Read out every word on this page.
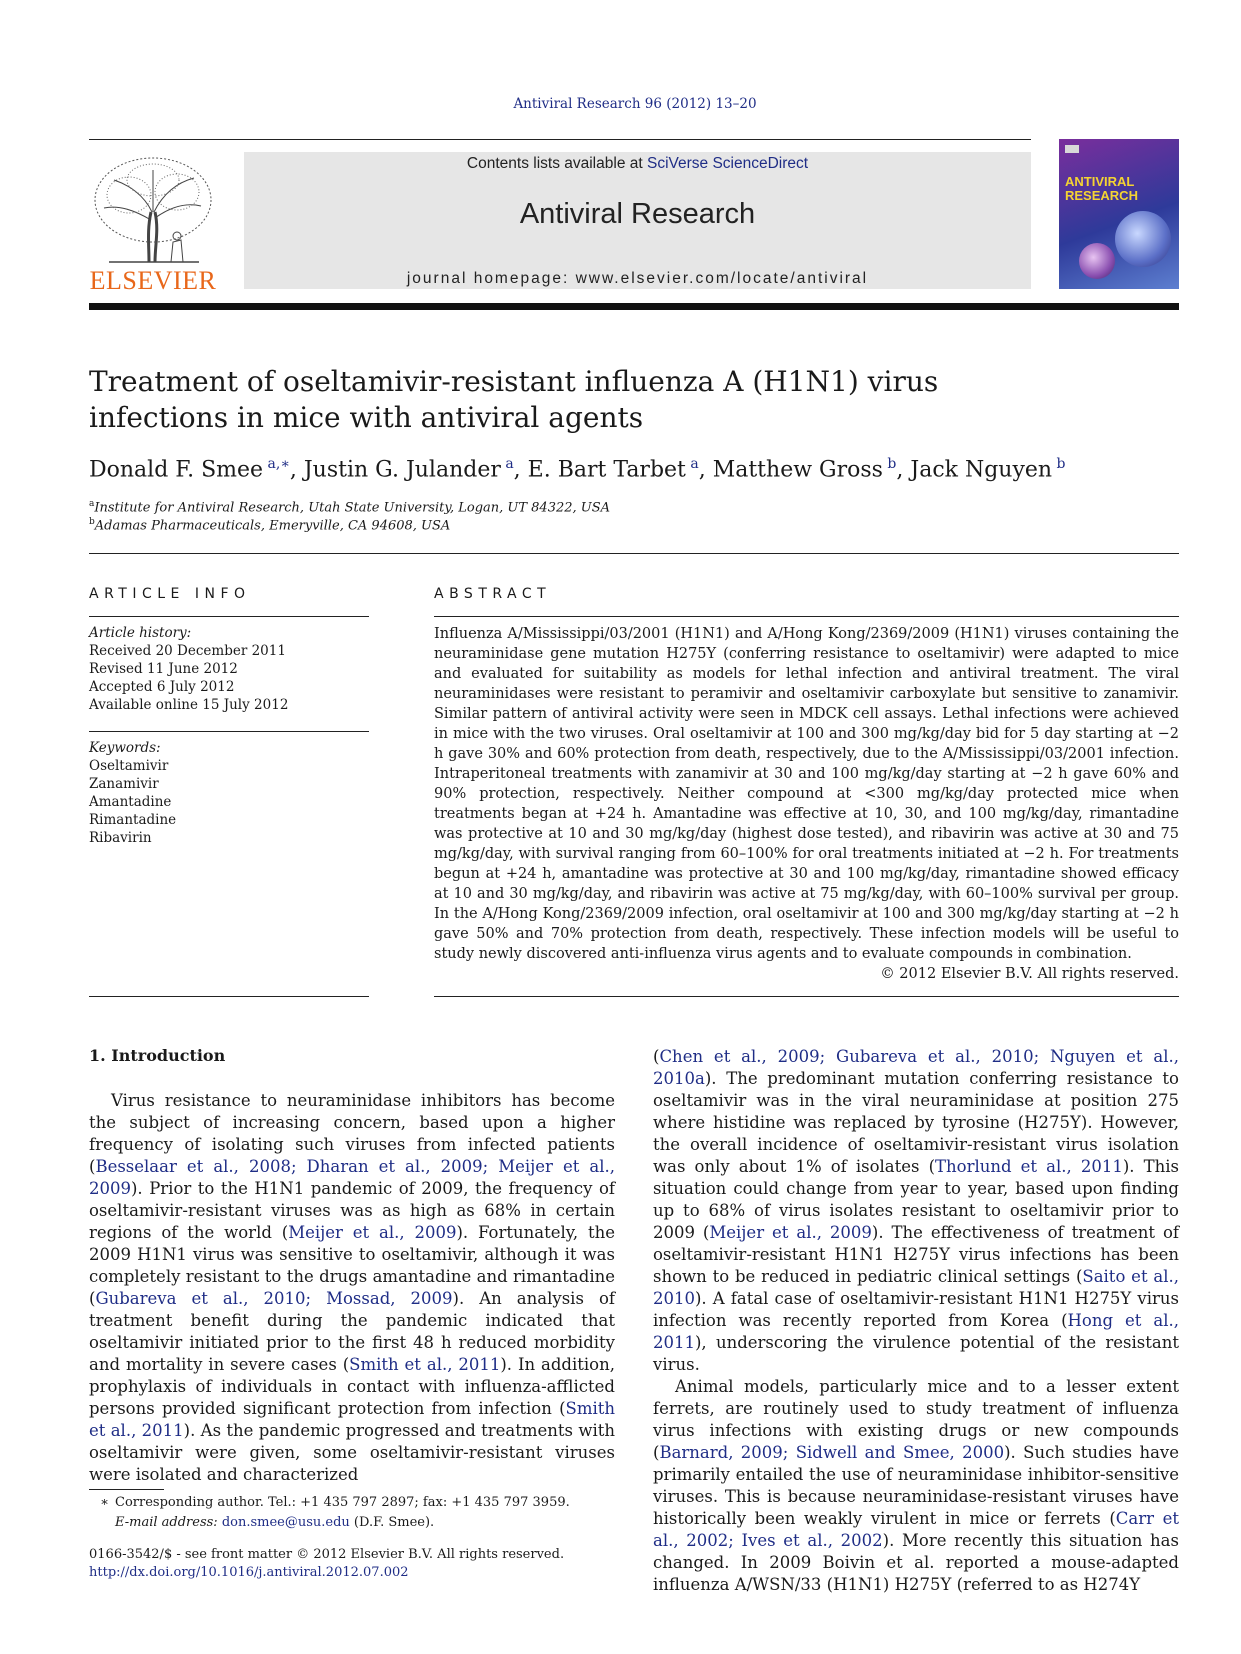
Antiviral Research 96 (2012) 13–20
ELSEVIER
Contents lists available at SciVerse ScienceDirect
Antiviral Research
journal homepage: www.elsevier.com/locate/antiviral
ANTIVIRAL RESEARCH
Treatment of oseltamivir-resistant influenza A (H1N1) virus infections in mice with antiviral agents
Donald F. Smee $^{a,∗}$, Justin G. Julander $^a$, E. Bart Tarbet $^a$, Matthew Gross $^b$, Jack Nguyen $^b$
$^a$Institute for Antiviral Research, Utah State University, Logan, UT 84322, USA
$^b$Adamas Pharmaceuticals, Emeryville, CA 94608, USA
ARTICLE INFO
Article history:
Received 20 December 2011
Revised 11 June 2012
Accepted 6 July 2012
Available online 15 July 2012
Keywords:
Oseltamivir
Zanamivir
Amantadine
Rimantadine
Ribavirin
ABSTRACT
Influenza A/Mississippi/03/2001 (H1N1) and A/Hong Kong/2369/2009 (H1N1) viruses containing the neuraminidase gene mutation H275Y (conferring resistance to oseltamivir) were adapted to mice and evaluated for suitability as models for lethal infection and antiviral treatment. The viral neuraminidases were resistant to peramivir and oseltamivir carboxylate but sensitive to zanamivir. Similar pattern of antiviral activity were seen in MDCK cell assays. Lethal infections were achieved in mice with the two viruses. Oral oseltamivir at 100 and 300 mg/kg/day bid for 5 day starting at −2 h gave 30% and 60% protection from death, respectively, due to the A/Mississippi/03/2001 infection. Intraperitoneal treatments with zanamivir at 30 and 100 mg/kg/day starting at −2 h gave 60% and 90% protection, respectively. Neither compound at <300 mg/kg/day protected mice when treatments began at +24 h. Amantadine was effective at 10, 30, and 100 mg/kg/day, rimantadine was protective at 10 and 30 mg/kg/day (highest dose tested), and ribavirin was active at 30 and 75 mg/kg/day, with survival ranging from 60–100% for oral treatments initiated at −2 h. For treatments begun at +24 h, amantadine was protective at 30 and 100 mg/kg/day, rimantadine showed efficacy at 10 and 30 mg/kg/day, and ribavirin was active at 75 mg/kg/day, with 60–100% survival per group. In the A/Hong Kong/2369/2009 infection, oral oseltamivir at 100 and 300 mg/kg/day starting at −2 h gave 50% and 70% protection from death, respectively. These infection models will be useful to study newly discovered anti-influenza virus agents and to evaluate compounds in combination.
© 2012 Elsevier B.V. All rights reserved.
1. Introduction

Virus resistance to neuraminidase inhibitors has become the subject of increasing concern, based upon a higher frequency of isolating such viruses from infected patients (Besselaar et al., 2008; Dharan et al., 2009; Meijer et al., 2009). Prior to the H1N1 pandemic of 2009, the frequency of oseltamivir-resistant viruses was as high as 68% in certain regions of the world (Meijer et al., 2009). Fortunately, the 2009 H1N1 virus was sensitive to oseltamivir, although it was completely resistant to the drugs amantadine and rimantadine (Gubareva et al., 2010; Mossad, 2009). An analysis of treatment benefit during the pandemic indicated that oseltamivir initiated prior to the first 48 h reduced morbidity and mortality in severe cases (Smith et al., 2011). In addition, prophylaxis of individuals in contact with influenza-afflicted persons provided significant protection from infection (Smith et al., 2011). As the pandemic progressed and treatments with oseltamivir were given, some oseltamivir-resistant viruses were isolated and characterized

(Chen et al., 2009; Gubareva et al., 2010; Nguyen et al., 2010a). The predominant mutation conferring resistance to oseltamivir was in the viral neuraminidase at position 275 where histidine was replaced by tyrosine (H275Y). However, the overall incidence of oseltamivir-resistant virus isolation was only about 1% of isolates (Thorlund et al., 2011). This situation could change from year to year, based upon finding up to 68% of virus isolates resistant to oseltamivir prior to 2009 (Meijer et al., 2009). The effectiveness of treatment of oseltamivir-resistant H1N1 H275Y virus infections has been shown to be reduced in pediatric clinical settings (Saito et al., 2010). A fatal case of oseltamivir-resistant H1N1 H275Y virus infection was recently reported from Korea (Hong et al., 2011), underscoring the virulence potential of the resistant virus.

Animal models, particularly mice and to a lesser extent ferrets, are routinely used to study treatment of influenza virus infections with existing drugs or new compounds (Barnard, 2009; Sidwell and Smee, 2000). Such studies have primarily entailed the use of neuraminidase inhibitor-sensitive viruses. This is because neuraminidase-resistant viruses have historically been weakly virulent in mice or ferrets (Carr et al., 2002; Ives et al., 2002). More recently this situation has changed. In 2009 Boivin et al. reported a mouse-adapted influenza A/WSN/33 (H1N1) H275Y (referred to as H274Y

∗ Corresponding author. Tel.: +1 435 797 2897; fax: +1 435 797 3959.
E-mail address: don.smee@usu.edu (D.F. Smee).
0166-3542/$ - see front matter © 2012 Elsevier B.V. All rights reserved.
http://dx.doi.org/10.1016/j.antiviral.2012.07.002
